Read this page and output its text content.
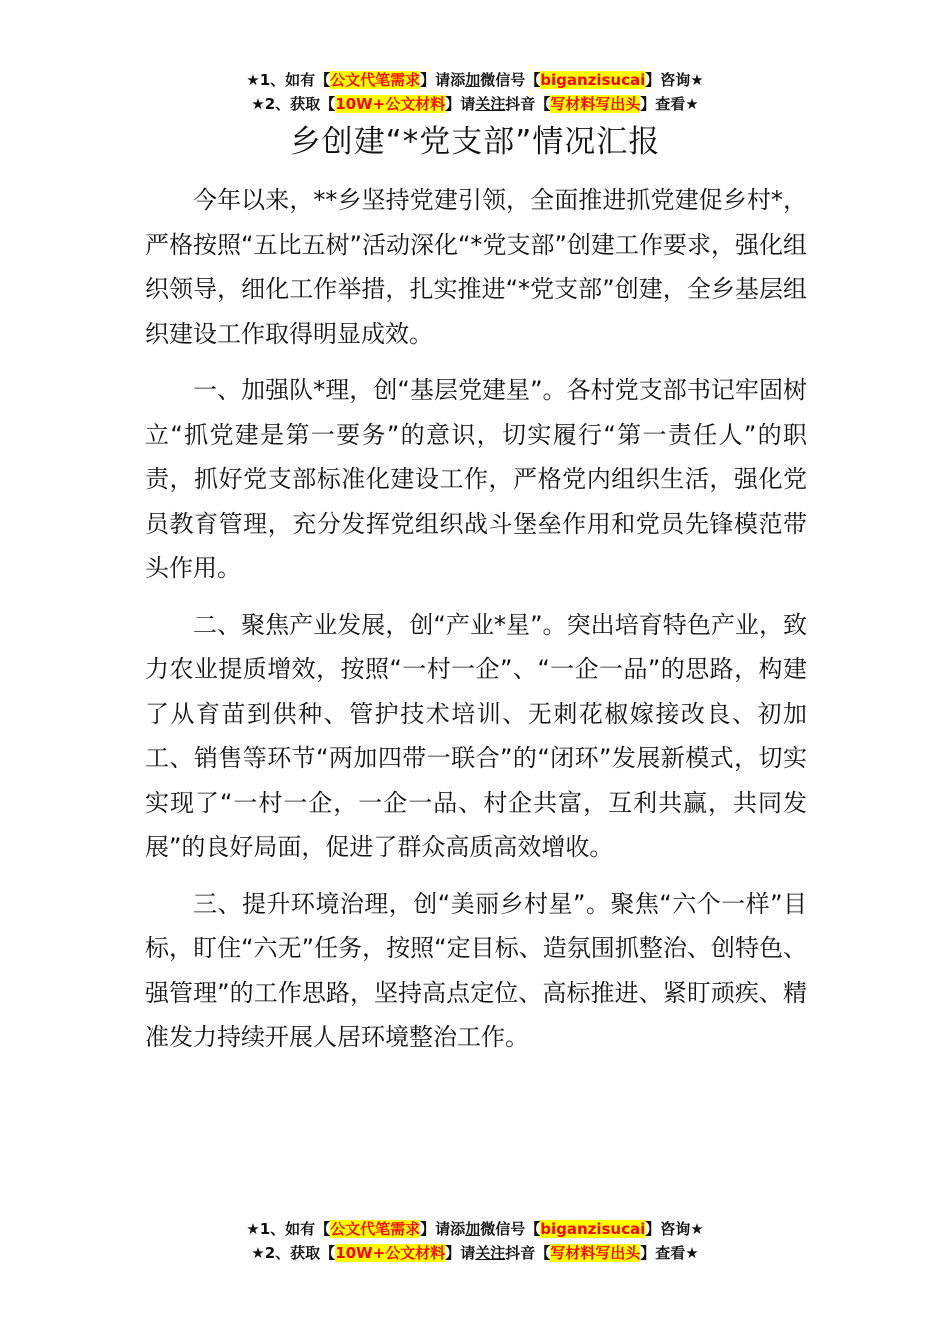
★1、如有【公文代笔需求】请添加微信号【biganzisucai】咨询★
★2、获取【10W+公文材料】请关注抖音【写材料写出头】查看★
乡创建“*党支部”情况汇报

今年以来，**乡坚持党建引领，全面推进抓党建促乡村*，严格按照“五比五树”活动深化“*党支部”创建工作要求，强化组织领导，细化工作举措，扎实推进“*党支部”创建，全乡基层组织建设工作取得明显成效。

一、加强队*理，创“基层党建星”。各村党支部书记牢固树立“抓党建是第一要务”的意识，切实履行“第一责任人”的职责，抓好党支部标准化建设工作，严格党内组织生活，强化党员教育管理，充分发挥党组织战斗堡垒作用和党员先锋模范带头作用。

二、聚焦产业发展，创“产业*星”。突出培育特色产业，致力农业提质增效，按照“一村一企”、“一企一品”的思路，构建了从育苗到供种、管护技术培训、无刺花椒嫁接改良、初加工、销售等环节“两加四带一联合”的“闭环”发展新模式，切实实现了“一村一企，一企一品、村企共富，互利共赢，共同发展”的良好局面，促进了群众高质高效增收。

三、提升环境治理，创“美丽乡村星”。聚焦“六个一样”目标，盯住“六无”任务，按照“定目标、造氛围抓整治、创特色、强管理”的工作思路，坚持高点定位、高标推进、紧盯顽疾、精准发力持续开展人居环境整治工作。

★1、如有【公文代笔需求】请添加微信号【biganzisucai】咨询★
★2、获取【10W+公文材料】请关注抖音【写材料写出头】查看★
